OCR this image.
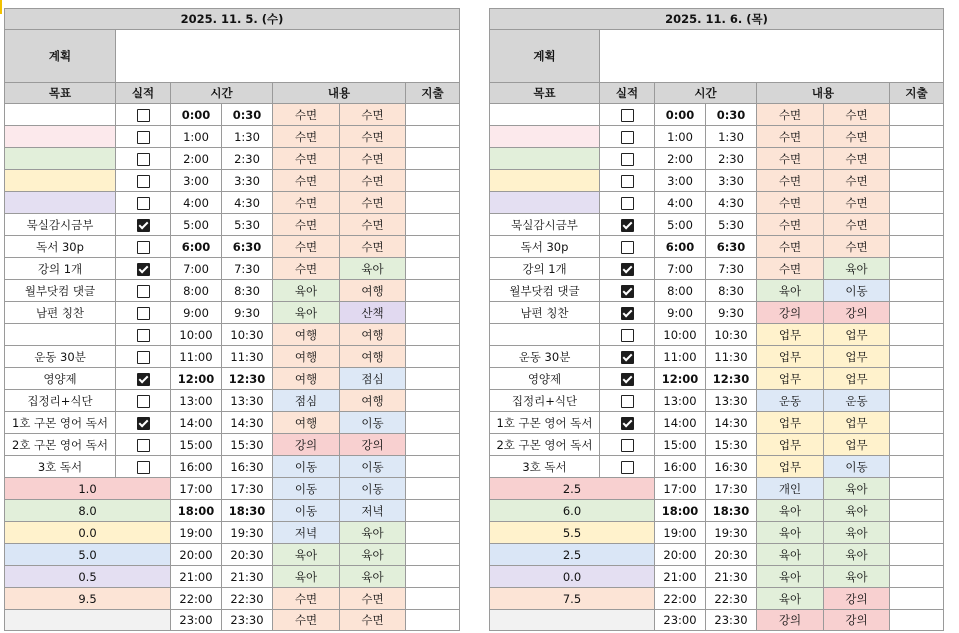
2025. 11. 5. (수)						
계획						
목표	실적	시간		내용		지출
		0:00	0:30	수면	수면	
		1:00	1:30	수면	수면	
		2:00	2:30	수면	수면	
		3:00	3:30	수면	수면	
		4:00	4:30	수면	수면	
묵실감시금부		5:00	5:30	수면	수면	
독서 30p		6:00	6:30	수면	수면	
강의 1개		7:00	7:30	수면	육아	
월부닷컴 댓글		8:00	8:30	육아	여행	
남편 칭찬		9:00	9:30	육아	산책	
		10:00	10:30	여행	여행	
운동 30분		11:00	11:30	여행	여행	
영양제		12:00	12:30	여행	점심	
집정리+식단		13:00	13:30	점심	여행	
1호 구몬 영어 독서		14:00	14:30	여행	이동	
2호 구몬 영어 독서		15:00	15:30	강의	강의	
3호 독서		16:00	16:30	이동	이동	
1.0		17:00	17:30	이동	이동	
8.0		18:00	18:30	이동	저녁	
0.0		19:00	19:30	저녁	육아	
5.0		20:00	20:30	육아	육아	
0.5		21:00	21:30	육아	육아	
9.5		22:00	22:30	수면	수면	
		23:00	23:30	수면	수면	
2025. 11. 6. (목)						
계획						
목표	실적	시간		내용		지출
		0:00	0:30	수면	수면	
		1:00	1:30	수면	수면	
		2:00	2:30	수면	수면	
		3:00	3:30	수면	수면	
		4:00	4:30	수면	수면	
묵실감시금부		5:00	5:30	수면	수면	
독서 30p		6:00	6:30	수면	수면	
강의 1개		7:00	7:30	수면	육아	
월부닷컴 댓글		8:00	8:30	육아	이동	
남편 칭찬		9:00	9:30	강의	강의	
		10:00	10:30	업무	업무	
운동 30분		11:00	11:30	업무	업무	
영양제		12:00	12:30	업무	업무	
집정리+식단		13:00	13:30	운동	운동	
1호 구몬 영어 독서		14:00	14:30	업무	업무	
2호 구몬 영어 독서		15:00	15:30	업무	업무	
3호 독서		16:00	16:30	업무	이동	
2.5		17:00	17:30	개인	육아	
6.0		18:00	18:30	육아	육아	
5.5		19:00	19:30	육아	육아	
2.5		20:00	20:30	육아	육아	
0.0		21:00	21:30	육아	육아	
7.5		22:00	22:30	육아	강의	
		23:00	23:30	강의	강의	
